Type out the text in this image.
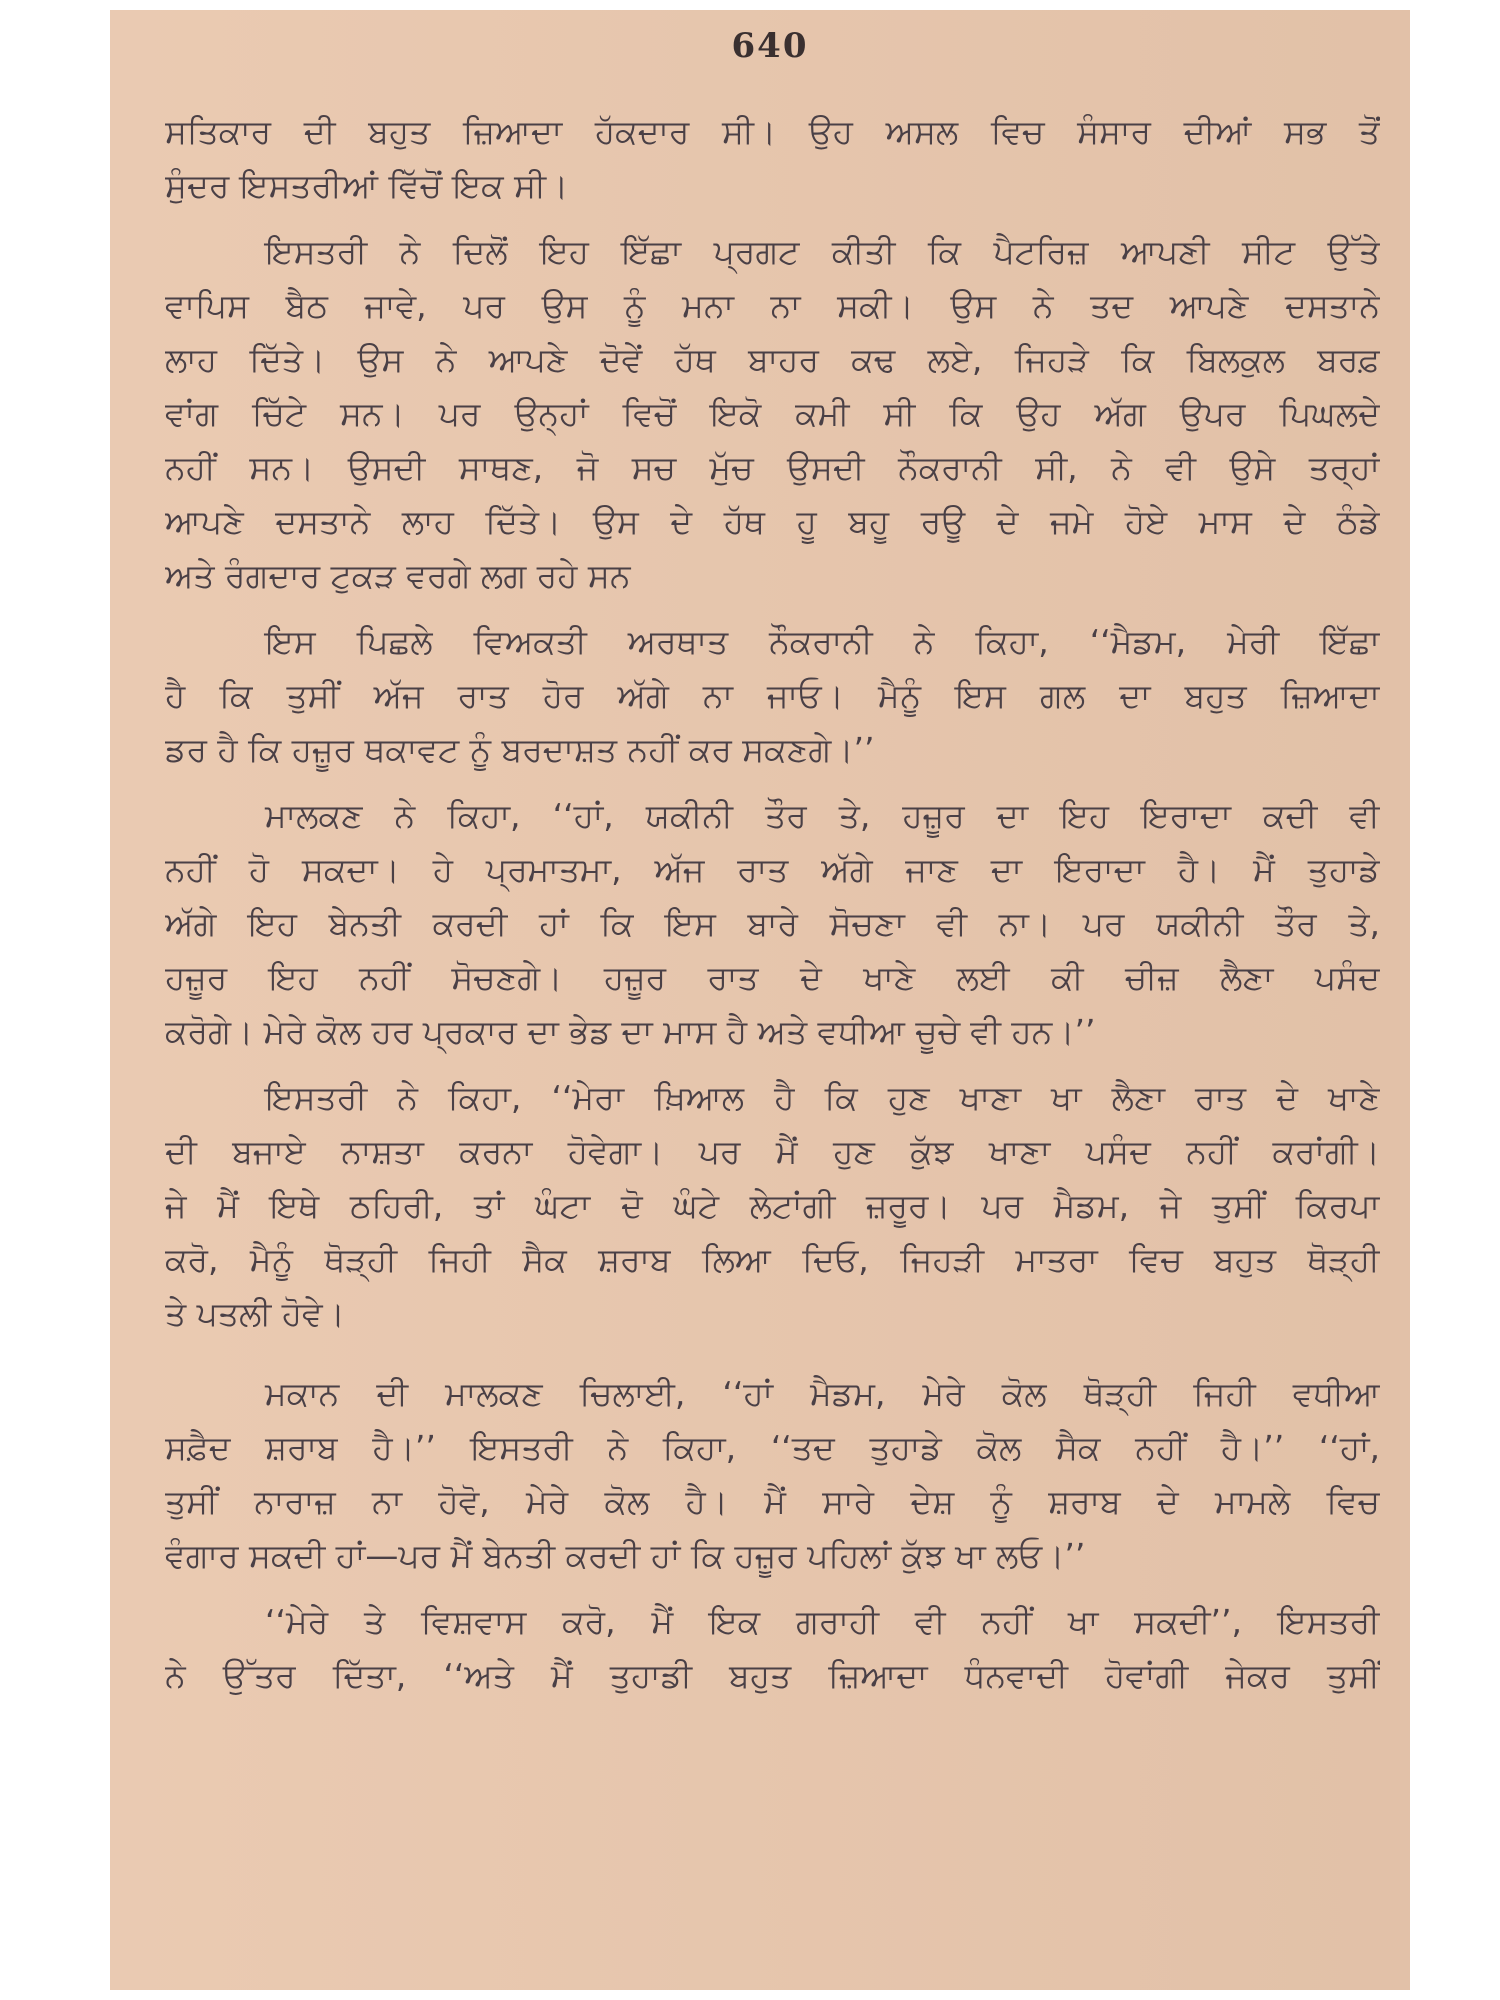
640
ਸਤਿਕਾਰ ਦੀ ਬਹੁਤ ਜ਼ਿਆਦਾ ਹੱਕਦਾਰ ਸੀ। ਉਹ ਅਸਲ ਵਿਚ ਸੰਸਾਰ ਦੀਆਂ ਸਭ ਤੋਂ
ਸੁੰਦਰ ਇਸਤਰੀਆਂ ਵਿੱਚੋਂ ਇਕ ਸੀ।
ਇਸਤਰੀ ਨੇ ਦਿਲੋਂ ਇਹ ਇੱਛਾ ਪ੍ਰਗਟ ਕੀਤੀ ਕਿ ਪੈਟਰਿਜ਼ ਆਪਣੀ ਸੀਟ ਉੱਤੇ
ਵਾਪਿਸ ਬੈਠ ਜਾਵੇ, ਪਰ ਉਸ ਨੂੰ ਮਨਾ ਨਾ ਸਕੀ। ਉਸ ਨੇ ਤਦ ਆਪਣੇ ਦਸਤਾਨੇ
ਲਾਹ ਦਿੱਤੇ। ਉਸ ਨੇ ਆਪਣੇ ਦੋਵੇਂ ਹੱਥ ਬਾਹਰ ਕਢ ਲਏ, ਜਿਹੜੇ ਕਿ ਬਿਲਕੁਲ ਬਰਫ਼
ਵਾਂਗ ਚਿੱਟੇ ਸਨ। ਪਰ ਉਨ੍ਹਾਂ ਵਿਚੋਂ ਇਕੋ ਕਮੀ ਸੀ ਕਿ ਉਹ ਅੱਗ ਉਪਰ ਪਿਘਲਦੇ
ਨਹੀਂ ਸਨ। ਉਸਦੀ ਸਾਥਣ, ਜੋ ਸਚ ਮੁੱਚ ਉਸਦੀ ਨੌਕਰਾਨੀ ਸੀ, ਨੇ ਵੀ ਉਸੇ ਤਰ੍ਹਾਂ
ਆਪਣੇ ਦਸਤਾਨੇ ਲਾਹ ਦਿੱਤੇ। ਉਸ ਦੇ ਹੱਥ ਹੂ ਬਹੂ ਰਊ ਦੇ ਜਮੇ ਹੋਏ ਮਾਸ ਦੇ ਠੰਡੇ
ਅਤੇ ਰੰਗਦਾਰ ਟੁਕੜ ਵਰਗੇ ਲਗ ਰਹੇ ਸਨ
ਇਸ ਪਿਛਲੇ ਵਿਅਕਤੀ ਅਰਥਾਤ ਨੌਕਰਾਨੀ ਨੇ ਕਿਹਾ, ‘‘ਮੈਡਮ, ਮੇਰੀ ਇੱਛਾ
ਹੈ ਕਿ ਤੁਸੀਂ ਅੱਜ ਰਾਤ ਹੋਰ ਅੱਗੇ ਨਾ ਜਾਓ। ਮੈਨੂੰ ਇਸ ਗਲ ਦਾ ਬਹੁਤ ਜ਼ਿਆਦਾ
ਡਰ ਹੈ ਕਿ ਹਜ਼ੂਰ ਥਕਾਵਟ ਨੂੰ ਬਰਦਾਸ਼ਤ ਨਹੀਂ ਕਰ ਸਕਣਗੇ।’’
ਮਾਲਕਣ ਨੇ ਕਿਹਾ, ‘‘ਹਾਂ, ਯਕੀਨੀ ਤੌਰ ਤੇ, ਹਜ਼ੂਰ ਦਾ ਇਹ ਇਰਾਦਾ ਕਦੀ ਵੀ
ਨਹੀਂ ਹੋ ਸਕਦਾ। ਹੇ ਪ੍ਰਮਾਤਮਾ, ਅੱਜ ਰਾਤ ਅੱਗੇ ਜਾਣ ਦਾ ਇਰਾਦਾ ਹੈ। ਮੈਂ ਤੁਹਾਡੇ
ਅੱਗੇ ਇਹ ਬੇਨਤੀ ਕਰਦੀ ਹਾਂ ਕਿ ਇਸ ਬਾਰੇ ਸੋਚਣਾ ਵੀ ਨਾ। ਪਰ ਯਕੀਨੀ ਤੌਰ ਤੇ,
ਹਜ਼ੂਰ ਇਹ ਨਹੀਂ ਸੋਚਣਗੇ। ਹਜ਼ੂਰ ਰਾਤ ਦੇ ਖਾਣੇ ਲਈ ਕੀ ਚੀਜ਼ ਲੈਣਾ ਪਸੰਦ
ਕਰੋਗੇ। ਮੇਰੇ ਕੋਲ ਹਰ ਪ੍ਰਕਾਰ ਦਾ ਭੇਡ ਦਾ ਮਾਸ ਹੈ ਅਤੇ ਵਧੀਆ ਚੂਚੇ ਵੀ ਹਨ।’’
ਇਸਤਰੀ ਨੇ ਕਿਹਾ, ‘‘ਮੇਰਾ ਖ਼ਿਆਲ ਹੈ ਕਿ ਹੁਣ ਖਾਣਾ ਖਾ ਲੈਣਾ ਰਾਤ ਦੇ ਖਾਣੇ
ਦੀ ਬਜਾਏ ਨਾਸ਼ਤਾ ਕਰਨਾ ਹੋਵੇਗਾ। ਪਰ ਮੈਂ ਹੁਣ ਕੁੱਝ ਖਾਣਾ ਪਸੰਦ ਨਹੀਂ ਕਰਾਂਗੀ।
ਜੇ ਮੈਂ ਇਥੇ ਠਹਿਰੀ, ਤਾਂ ਘੰਟਾ ਦੋ ਘੰਟੇ ਲੇਟਾਂਗੀ ਜ਼ਰੂਰ। ਪਰ ਮੈਡਮ, ਜੇ ਤੁਸੀਂ ਕਿਰਪਾ
ਕਰੋ, ਮੈਨੂੰ ਥੋੜ੍ਹੀ ਜਿਹੀ ਸੈਕ ਸ਼ਰਾਬ ਲਿਆ ਦਿਓ, ਜਿਹੜੀ ਮਾਤਰਾ ਵਿਚ ਬਹੁਤ ਥੋੜ੍ਹੀ
ਤੇ ਪਤਲੀ ਹੋਵੇ।
ਮਕਾਨ ਦੀ ਮਾਲਕਣ ਚਿਲਾਈ, ‘‘ਹਾਂ ਮੈਡਮ, ਮੇਰੇ ਕੋਲ ਥੋੜ੍ਹੀ ਜਿਹੀ ਵਧੀਆ
ਸਫ਼ੈਦ ਸ਼ਰਾਬ ਹੈ।’’ ਇਸਤਰੀ ਨੇ ਕਿਹਾ, ‘‘ਤਦ ਤੁਹਾਡੇ ਕੋਲ ਸੈਕ ਨਹੀਂ ਹੈ।’’ ‘‘ਹਾਂ,
ਤੁਸੀਂ ਨਾਰਾਜ਼ ਨਾ ਹੋਵੋ, ਮੇਰੇ ਕੋਲ ਹੈ। ਮੈਂ ਸਾਰੇ ਦੇਸ਼ ਨੂੰ ਸ਼ਰਾਬ ਦੇ ਮਾਮਲੇ ਵਿਚ
ਵੰਗਾਰ ਸਕਦੀ ਹਾਂ—ਪਰ ਮੈਂ ਬੇਨਤੀ ਕਰਦੀ ਹਾਂ ਕਿ ਹਜ਼ੂਰ ਪਹਿਲਾਂ ਕੁੱਝ ਖਾ ਲਓ।’’
‘‘ਮੇਰੇ ਤੇ ਵਿਸ਼ਵਾਸ ਕਰੋ, ਮੈਂ ਇਕ ਗਰਾਹੀ ਵੀ ਨਹੀਂ ਖਾ ਸਕਦੀ’’, ਇਸਤਰੀ
ਨੇ ਉੱਤਰ ਦਿੱਤਾ, ‘‘ਅਤੇ ਮੈਂ ਤੁਹਾਡੀ ਬਹੁਤ ਜ਼ਿਆਦਾ ਧੰਨਵਾਦੀ ਹੋਵਾਂਗੀ ਜੇਕਰ ਤੁਸੀਂ
